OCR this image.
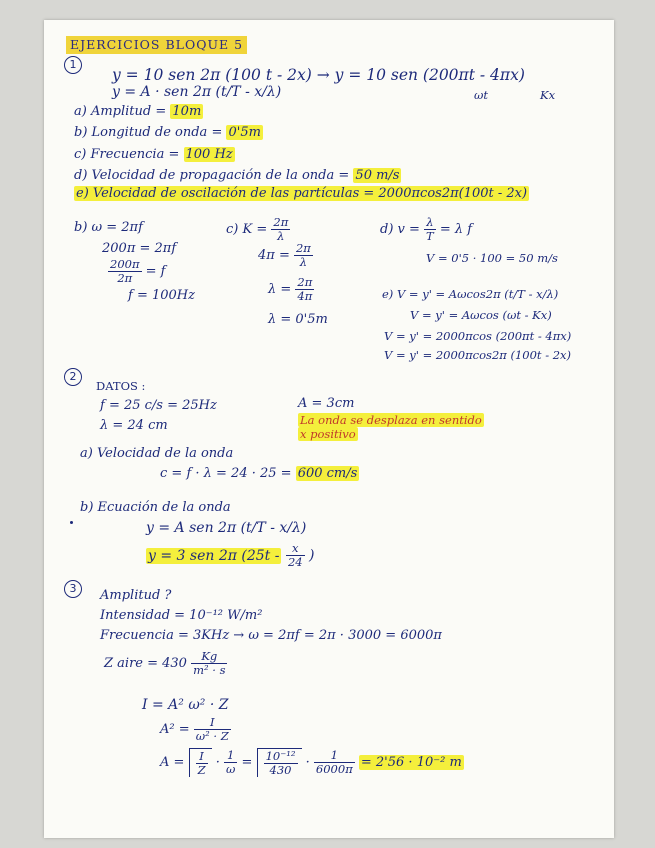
EJERCICIOS BLOQUE 5
1
y = 10 sen 2π (100 t - 2x) → y = 10 sen (200πt - 4πx)
y = A · sen 2π (t/T - x/λ)	ωt	Kx
a) Amplitud = 10m
b) Longitud de onda = 0'5m
c) Frecuencia = 100 Hz
d) Velocidad de propagación de la onda = 50 m/s
e) Velocidad de oscilación de las partículas = 2000πcos2π(100t - 2x)
b) ω = 2πf
200π = 2πf
$\frac{200\pi}{2\pi} = f$
f = 100Hz
c) $K = \frac{2\pi}{\lambda}$
$4\pi = \frac{2\pi}{\lambda}$
$\lambda = \frac{2\pi}{4\pi}$
λ = 0'5m
d) $v = \frac{\lambda}{T} = \lambda$ f
V = 0'5 · 100 = 50 m/s
e) V = y' = Aωcos2π (t/T - x/λ)
V = y' = Aωcos (ωt - Kx)
V = y' = 2000πcos (200πt - 4πx)
V = y' = 2000πcos2π (100t - 2x)
2
DATOS :
f = 25 c/s = 25Hz
λ = 24 cm
A = 3cm
La onda se desplaza en sentido
x positivo
a) Velocidad de la onda
c = f · λ = 24 · 25 = 600 cm/s
b) Ecuación de la onda
y = A sen 2π (t/T - x/λ)
y = 3 sen 2π ($25t - \frac{x}{24}$ )
3	Amplitud ?
Intensidad = 10⁻¹² W/m²
Frecuencia = 3KHz → ω = 2πf = 2π · 3000 = 6000π
Z aire = $430 \frac{Kg}{\text{m² · s}}$
I = A² ω² · Z
$A^2 = \frac{I}{\text{ω² · Z}}$
$A = \frac{I}{Z} \cdot \frac{1}{\omega} = \frac{\text{10⁻¹²}}{430} \cdot \frac{1}{6000\pi} = 2'56 \cdot 10^{-2}$ m
